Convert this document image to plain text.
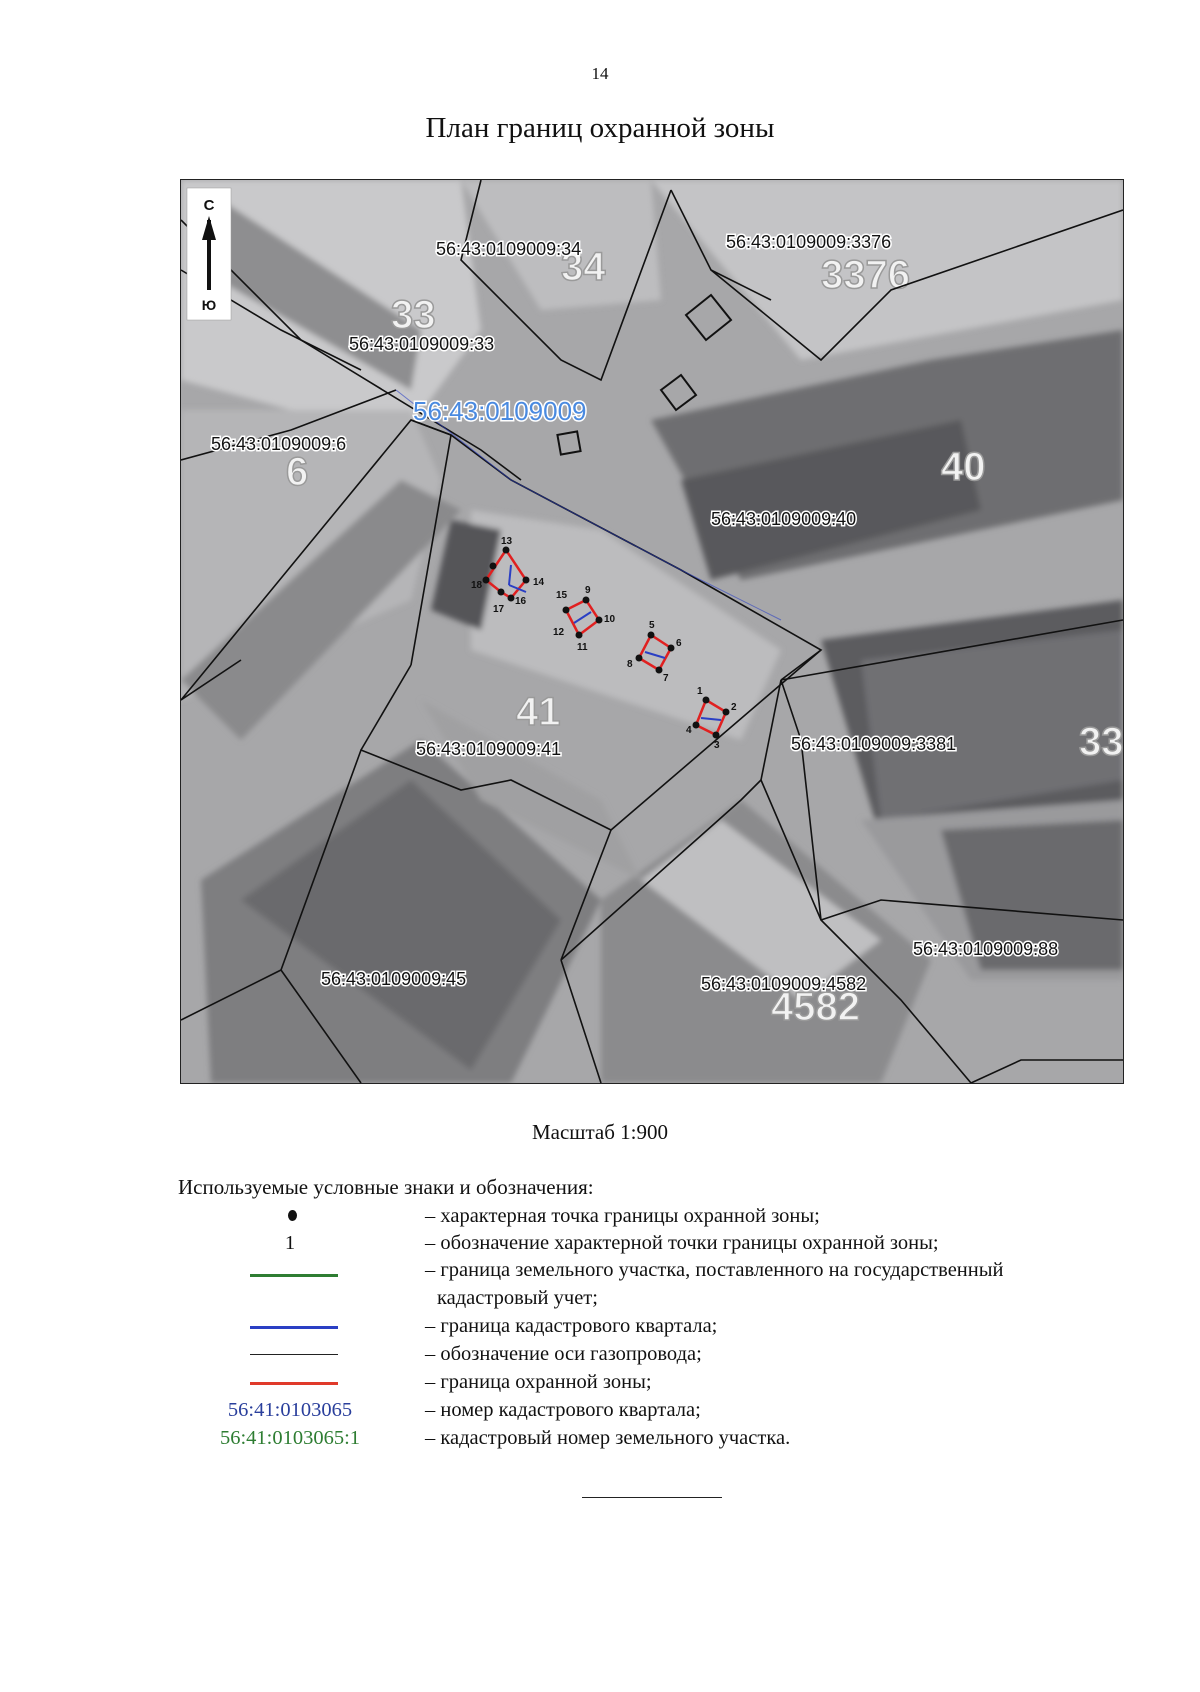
14
План границ охранной зоны
34	3376
33
6	40
41
33
4582
1
2
3
4
5
6
7
8
9
10
11
12
13
14
15
16
17
18
56:43:0109009:34	56:43:0109009:3376
56:43:0109009:33
56:43:0109009:6
56:43:0109009:40
56:43:0109009:41	56:43:0109009:3381
56:43:0109009:88
56:43:0109009:45	56:43:0109009:4582
56:43:0109009
С
Ю
Масштаб 1:900
Используемые условные знаки и обозначения:
– характерная точка границы охранной зоны;
1	– обозначение характерной точки границы охранной зоны;
– граница земельного участка, поставленного на государственный
кадастровый учет;
– граница кадастрового квартала;
– обозначение оси газопровода;
– граница охранной зоны;
56:41:0103065	– номер кадастрового квартала;
56:41:0103065:1	– кадастровый номер земельного участка.
